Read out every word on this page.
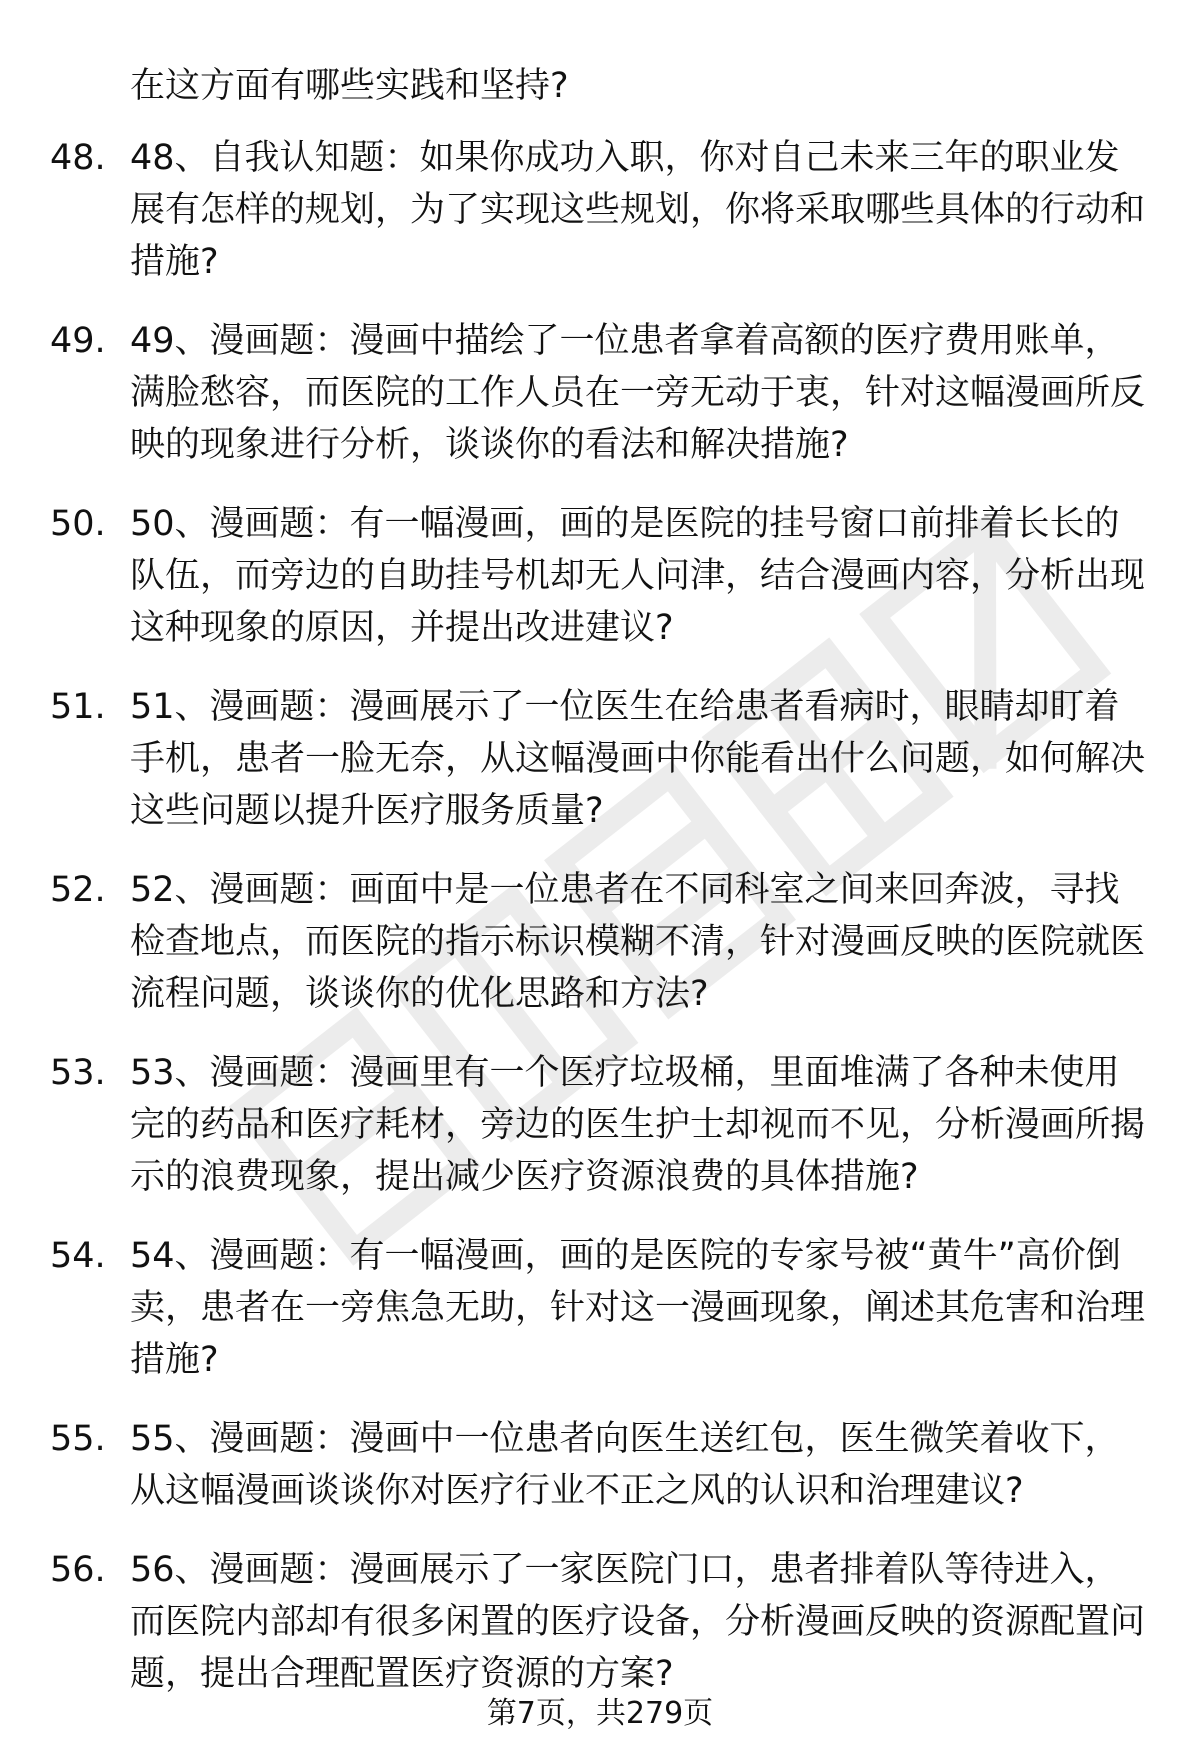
在这方面有哪些实践和坚持?
48. 48、自我认知题：如果你成功入职，你对自己未来三年的职业发展有怎样的规划，为了实现这些规划，你将采取哪些具体的行动和措施?
49. 49、漫画题：漫画中描绘了一位患者拿着高额的医疗费用账单，满脸愁容，而医院的工作人员在一旁无动于衷，针对这幅漫画所反映的现象进行分析，谈谈你的看法和解决措施?
50. 50、漫画题：有一幅漫画，画的是医院的挂号窗口前排着长长的队伍，而旁边的自助挂号机却无人问津，结合漫画内容，分析出现这种现象的原因，并提出改进建议?
51. 51、漫画题：漫画展示了一位医生在给患者看病时，眼睛却盯着手机，患者一脸无奈，从这幅漫画中你能看出什么问题，如何解决这些问题以提升医疗服务质量?
52. 52、漫画题：画面中是一位患者在不同科室之间来回奔波，寻找检查地点，而医院的指示标识模糊不清，针对漫画反映的医院就医流程问题，谈谈你的优化思路和方法?
53. 53、漫画题：漫画里有一个医疗垃圾桶，里面堆满了各种未使用完的药品和医疗耗材，旁边的医生护士却视而不见，分析漫画所揭示的浪费现象，提出减少医疗资源浪费的具体措施?
54. 54、漫画题：有一幅漫画，画的是医院的专家号被“黄牛”高价倒卖，患者在一旁焦急无助，针对这一漫画现象，阐述其危害和治理措施?
55. 55、漫画题：漫画中一位患者向医生送红包，医生微笑着收下，从这幅漫画谈谈你对医疗行业不正之风的认识和治理建议?
56. 56、漫画题：漫画展示了一家医院门口，患者排着队等待进入，而医院内部却有很多闲置的医疗设备，分析漫画反映的资源配置问题，提出合理配置医疗资源的方案?
第7页，共279页
